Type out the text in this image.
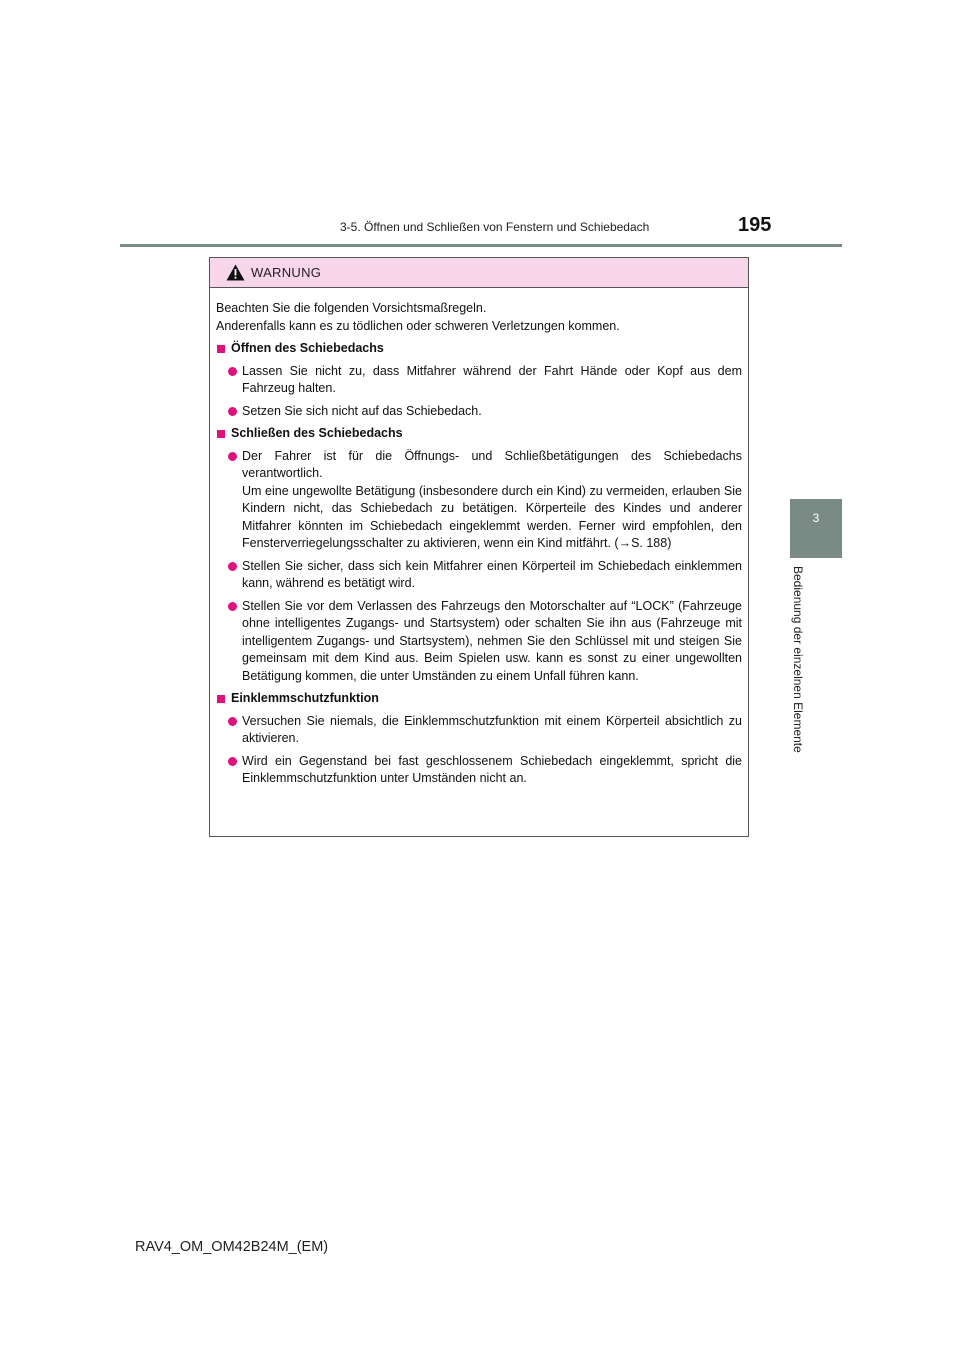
3-5. Öffnen und Schließen von Fenstern und Schiebedach	195
3
Bedienung der einzelnen Elemente
WARNUNG

Beachten Sie die folgenden Vorsichtsmaßregeln.

Anderenfalls kann es zu tödlichen oder schweren Verletzungen kommen.

Öffnen des Schiebedachs

Lassen Sie nicht zu, dass Mitfahrer während der Fahrt Hände oder Kopf aus dem Fahrzeug halten.

Setzen Sie sich nicht auf das Schiebedach.

Schließen des Schiebedachs

Der Fahrer ist für die Öffnungs- und Schließbetätigungen des Schiebedachs verantwortlich.

Um eine ungewollte Betätigung (insbesondere durch ein Kind) zu vermeiden, erlauben Sie Kindern nicht, das Schiebedach zu betätigen. Körperteile des Kindes und anderer Mitfahrer könnten im Schiebedach eingeklemmt werden. Ferner wird empfohlen, den Fensterverriegelungsschalter zu aktivieren, wenn ein Kind mitfährt. (→S. 188)

Stellen Sie sicher, dass sich kein Mitfahrer einen Körperteil im Schiebedach einklemmen kann, während es betätigt wird.

Stellen Sie vor dem Verlassen des Fahrzeugs den Motorschalter auf “LOCK” (Fahrzeuge ohne intelligentes Zugangs- und Startsystem) oder schalten Sie ihn aus (Fahrzeuge mit intelligentem Zugangs- und Startsystem), nehmen Sie den Schlüssel mit und steigen Sie gemeinsam mit dem Kind aus. Beim Spielen usw. kann es sonst zu einer ungewollten Betätigung kommen, die unter Umständen zu einem Unfall führen kann.

Einklemmschutzfunktion

Versuchen Sie niemals, die Einklemmschutzfunktion mit einem Körperteil absichtlich zu aktivieren.

Wird ein Gegenstand bei fast geschlossenem Schiebedach eingeklemmt, spricht die Einklemmschutzfunktion unter Umständen nicht an.

RAV4_OM_OM42B24M_(EM)
